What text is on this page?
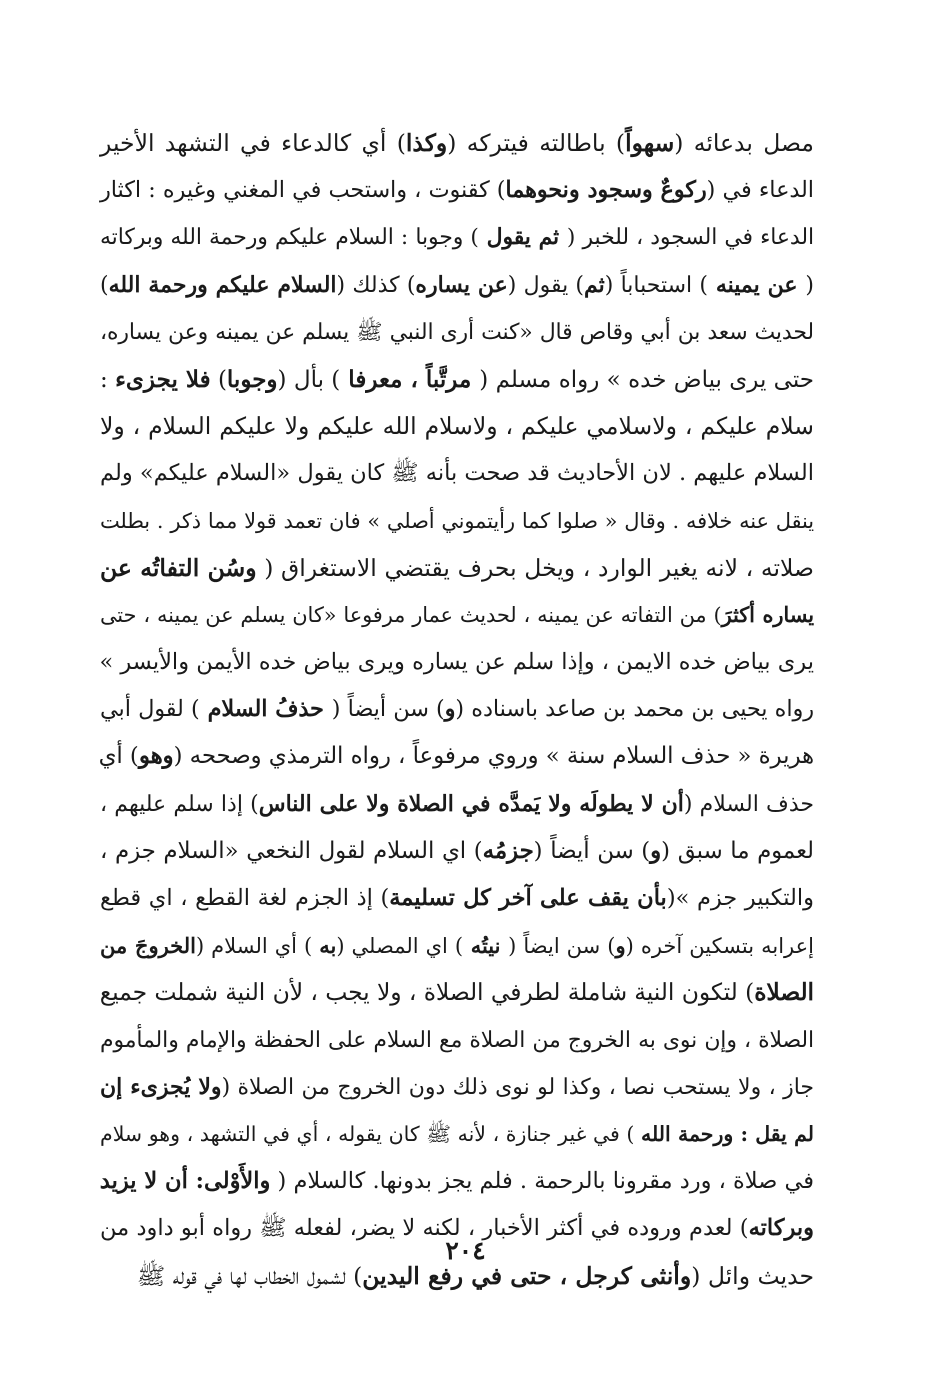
مصل بدعائه (سهواً) باطالته فيتركه (وكذا) أي كالدعاء في التشهد الأخير
الدعاء في (ركوعٌ وسجود ونحوهما) كقنوت ، واستحب في المغني وغيره : اكثار
الدعاء في السجود ، للخبر ( ثم يقول ) وجوبا : السلام عليكم ورحمة الله وبركاته
( عن يمينه ) استحباباً (ثم) يقول (عن يساره) كذلك (السلام عليكم ورحمة الله)
لحديث سعد بن أبي وقاص قال «كنت أرى النبي ﷺ يسلم عن يمينه وعن يساره،
حتى يرى بياض خده » رواه مسلم ( مرتَّباً ، معرفا ) بأل (وجوبا) فلا يجزىء :
سلام عليكم ، ولاسلامي عليكم ، ولاسلام الله عليكم ولا عليكم السلام ، ولا
السلام عليهم . لان الأحاديث قد صحت بأنه ﷺ كان يقول «السلام عليكم» ولم
ينقل عنه خلافه . وقال « صلوا كما رأيتموني أصلي » فان تعمد قولا مما ذكر . بطلت
صلاته ، لانه يغير الوارد ، ويخل بحرف يقتضي الاستغراق ( وسُن التفاتُه عن
يساره أكثرَ) من التفاته عن يمينه ، لحديث عمار مرفوعا «كان يسلم عن يمينه ، حتى
يرى بياض خده الايمن ، وإذا سلم عن يساره ويرى بياض خده الأيمن والأيسر »
رواه يحيى بن محمد بن صاعد باسناده (و) سن أيضاً ( حذفُ السلام ) لقول أبي
هريرة « حذف السلام سنة » وروي مرفوعاً ، رواه الترمذي وصححه (وهو) أي
حذف السلام (أن لا يطولَه ولا يَمدَّه في الصلاة ولا على الناس) إذا سلم عليهم ،
لعموم ما سبق (و) سن أيضاً (جزمُه) اي السلام لقول النخعي «السلام جزم ،
والتكبير جزم »(بأن يقف على آخر كل تسليمة) إذ الجزم لغة القطع ، اي قطع
إعرابه بتسكين آخره (و) سن ايضاً ( نيتُه ) اي المصلي (به ) أي السلام (الخروجَ من
الصلاة) لتكون النية شاملة لطرفي الصلاة ، ولا يجب ، لأن النية شملت جميع
الصلاة ، وإن نوى به الخروج من الصلاة مع السلام على الحفظة والإمام والمأموم
جاز ، ولا يستحب نصا ، وكذا لو نوى ذلك دون الخروج من الصلاة (ولا يُجزىء إن
لم يقل : ورحمة الله ) في غير جنازة ، لأنه ﷺ كان يقوله ، أي في التشهد ، وهو سلام
في صلاة ، ورد مقرونا بالرحمة . فلم يجز بدونها. كالسلام ( والأَوْلى: أن لا يزيد
وبركاته) لعدم وروده في أكثر الأخبار ، لكنه لا يضر، لفعله ﷺ رواه أبو داود من
حديث وائل (وأنثى كرجل ، حتى في رفع اليدين) لشمول الخطاب لها في قوله ﷺ
٢٠٤
